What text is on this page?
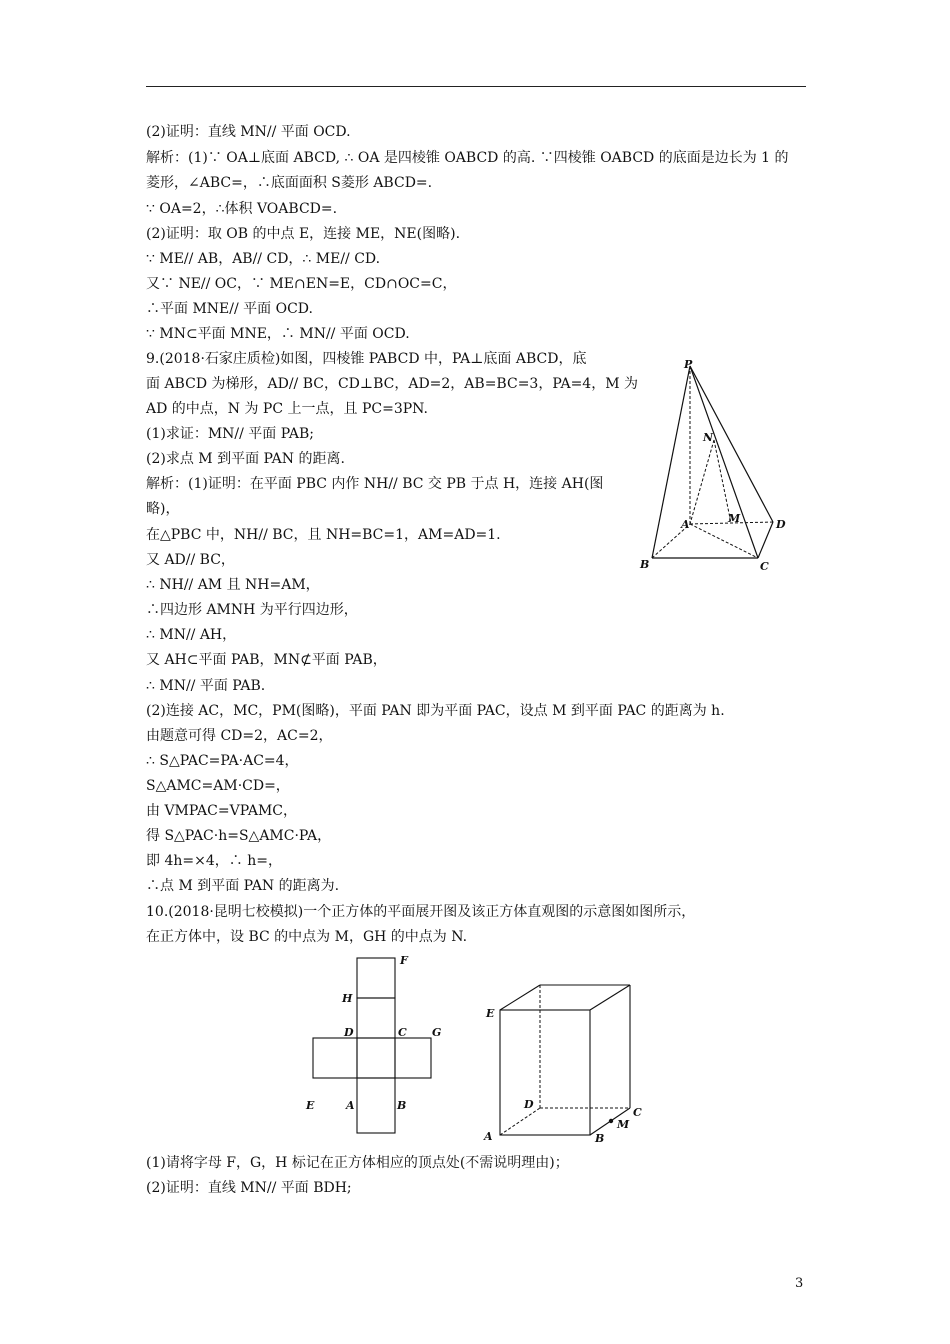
(2)证明：直线 MN// 平面 OCD.
解析：(1)∵ OA⊥底面 ABCD, ∴ OA 是四棱锥 OABCD 的高. ∵四棱锥 OABCD 的底面是边长为 1 的
菱形，∠ABC=，∴底面面积 S菱形 ABCD=.
∵ OA=2，∴体积 VOABCD=.
(2)证明：取 OB 的中点 E，连接 ME，NE(图略).
∵ ME// AB，AB// CD，∴ ME// CD.
又∵ NE// OC，∵ ME∩EN=E，CD∩OC=C，
∴平面 MNE// 平面 OCD.
∵ MN⊂平面 MNE，∴ MN// 平面 OCD.
9.(2018·石家庄质检)如图，四棱锥 PABCD 中，PA⊥底面 ABCD，底
面 ABCD 为梯形，AD// BC，CD⊥BC，AD=2，AB=BC=3，PA=4，M 为
AD 的中点，N 为 PC 上一点，且 PC=3PN.
(1)求证：MN// 平面 PAB;
(2)求点 M 到平面 PAN 的距离.
解析：(1)证明：在平面 PBC 内作 NH// BC 交 PB 于点 H，连接 AH(图
略)，
在△PBC 中，NH// BC，且 NH=BC=1，AM=AD=1.
又 AD// BC，
∴ NH// AM 且 NH=AM，
∴四边形 AMNH 为平行四边形，
∴ MN// AH，
又 AH⊂平面 PAB，MN⊄平面 PAB，
∴ MN// 平面 PAB.
(2)连接 AC，MC，PM(图略)，平面 PAN 即为平面 PAC，设点 M 到平面 PAC 的距离为 h.
由题意可得 CD=2，AC=2，
∴ S△PAC=PA·AC=4，
S△AMC=AM·CD=，
由 VMPAC=VPAMC，
得 S△PAC·h=S△AMC·PA，
即 4h=×4，∴ h=，
∴点 M 到平面 PAN 的距离为.
10.(2018·昆明七校模拟)一个正方体的平面展开图及该正方体直观图的示意图如图所示，
在正方体中，设 BC 的中点为 M，GH 的中点为 N.
(1)请将字母 F，G，H 标记在正方体相应的顶点处(不需说明理由)；
(2)证明：直线 MN// 平面 BDH;
P
N
A	M	D
B	C
F
H
D	C G
E	A	B
E
D
C
M
A	B
3
